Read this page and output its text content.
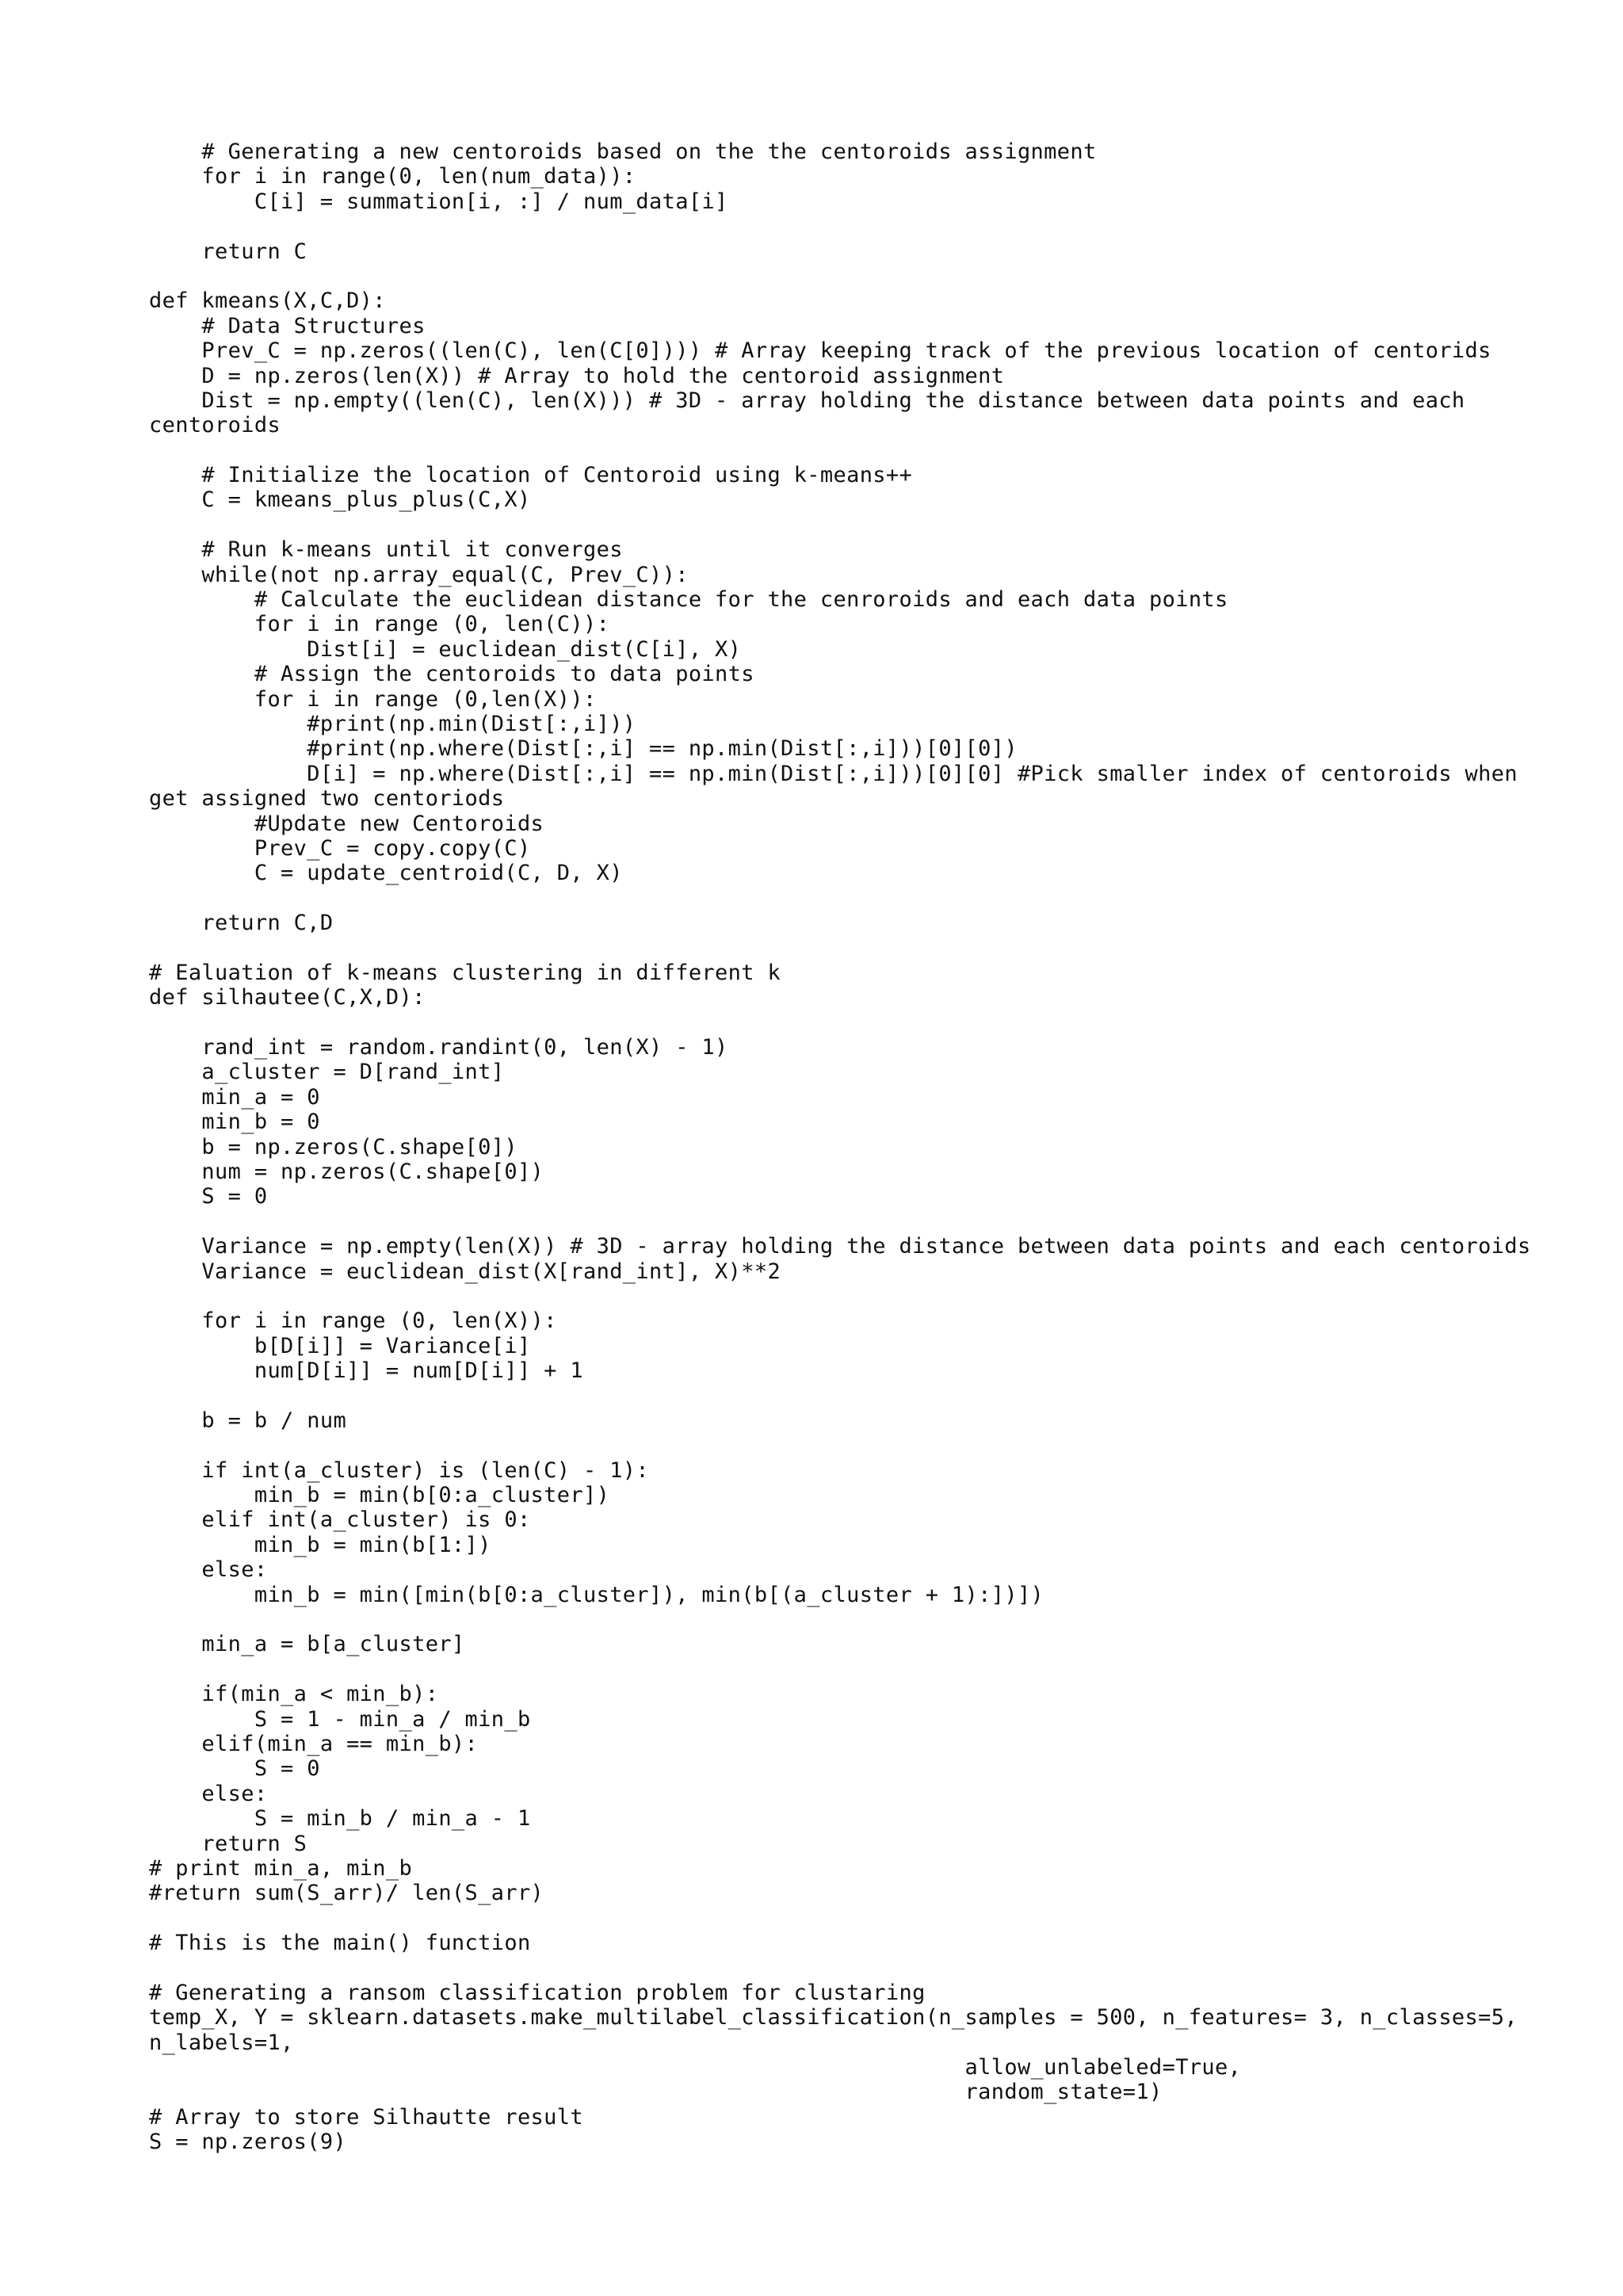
# Generating a new centoroids based on the the centoroids assignment
for i in range(0, len(num_data)):
C[i] = summation[i, :] / num_data[i]
return C
def kmeans(X,C,D):
# Data Structures
Prev_C = np.zeros((len(C), len(C[0]))) # Array keeping track of the previous location of centorids
D = np.zeros(len(X)) # Array to hold the centoroid assignment
Dist = np.empty((len(C), len(X))) # 3D - array holding the distance between data points and each
centoroids
# Initialize the location of Centoroid using k-means++
C = kmeans_plus_plus(C,X)
# Run k-means until it converges
while(not np.array_equal(C, Prev_C)):
# Calculate the euclidean distance for the cenroroids and each data points
for i in range (0, len(C)):
Dist[i] = euclidean_dist(C[i], X)
# Assign the centoroids to data points
for i in range (0,len(X)):
#print(np.min(Dist[:,i]))
#print(np.where(Dist[:,i] == np.min(Dist[:,i]))[0][0])
D[i] = np.where(Dist[:,i] == np.min(Dist[:,i]))[0][0] #Pick smaller index of centoroids when
get assigned two centoriods
#Update new Centoroids
Prev_C = copy.copy(C)
C = update_centroid(C, D, X)
return C,D
# Ealuation of k-means clustering in different k
def silhautee(C,X,D):
rand_int = random.randint(0, len(X) - 1)
a_cluster = D[rand_int]
min_a = 0
min_b = 0
b = np.zeros(C.shape[0])
num = np.zeros(C.shape[0])
S = 0
Variance = np.empty(len(X)) # 3D - array holding the distance between data points and each centoroids
Variance = euclidean_dist(X[rand_int], X)**2
for i in range (0, len(X)):
b[D[i]] = Variance[i]
num[D[i]] = num[D[i]] + 1
b = b / num
if int(a_cluster) is (len(C) - 1):
min_b = min(b[0:a_cluster])
elif int(a_cluster) is 0:
min_b = min(b[1:])
else:
min_b = min([min(b[0:a_cluster]), min(b[(a_cluster + 1):])])
min_a = b[a_cluster]
if(min_a < min_b):
S = 1 - min_a / min_b
elif(min_a == min_b):
S = 0
else:
S = min_b / min_a - 1
return S
# print min_a, min_b
#return sum(S_arr)/ len(S_arr)
# This is the main() function
# Generating a ransom classification problem for clustaring
temp_X, Y = sklearn.datasets.make_multilabel_classification(n_samples = 500, n_features= 3, n_classes=5,
n_labels=1,
allow_unlabeled=True,
random_state=1)
# Array to store Silhautte result
S = np.zeros(9)
